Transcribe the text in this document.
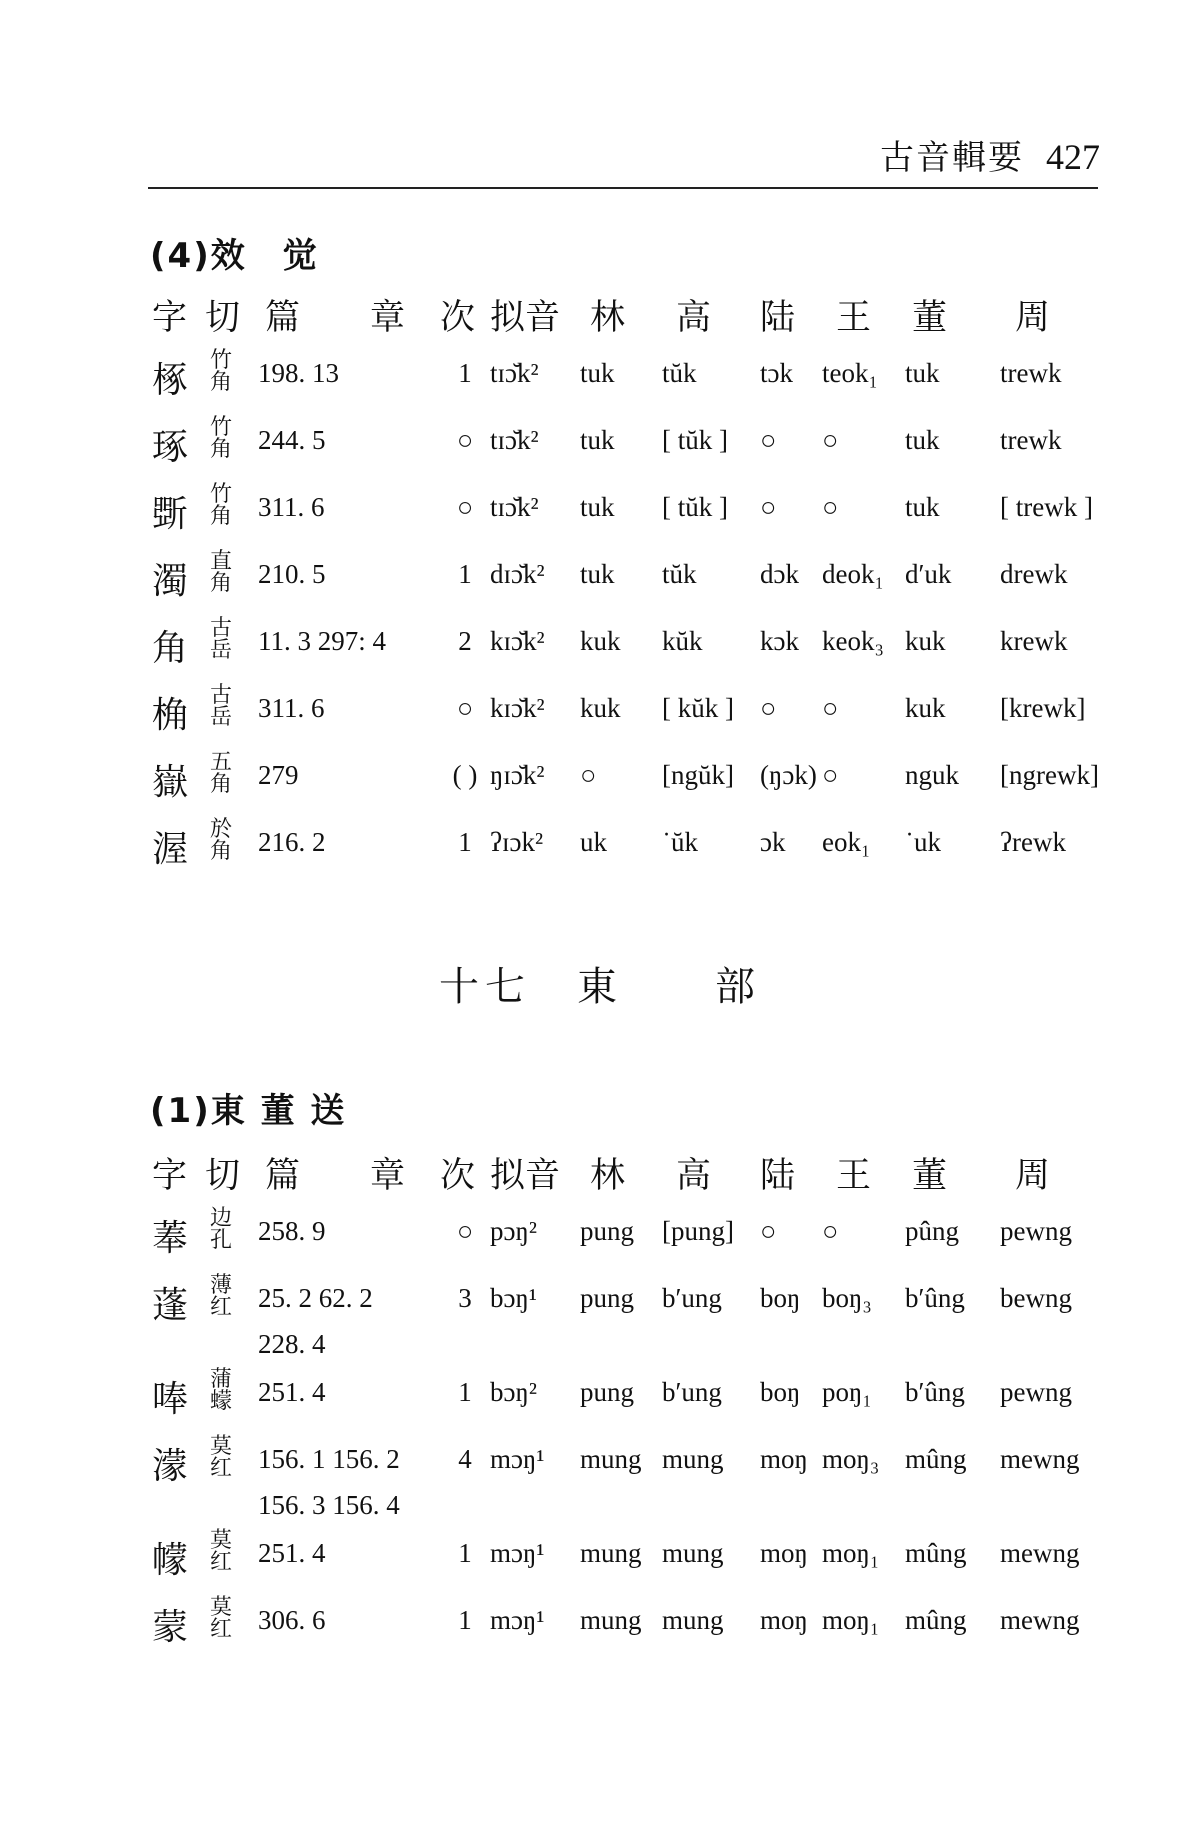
古音輯要 427
(4)效　觉
字 切 篇 章 次 拟音 林 高 陆 王 董 周
椓 竹角 198. 13	1 tɪɔ̆k² tuk tŭk tɔk teok₁ tuk trewk
琢 竹角 244. 5	○ tɪɔ̆k² tuk [ tŭk ] ○ ○ tuk trewk
斲 竹角 311. 6	○ tɪɔ̆k² tuk [ tŭk ] ○ ○ tuk [ trewk ]
濁 直角 210. 5	1 dɪɔ̆k² tuk tŭk dɔk deok₁ d′uk drewk
角 古岳 11. 3 297: 4	2 kɪɔ̆k² kuk kŭk kɔk keok₃ kuk krewk
桷 古岳 311. 6	○ kɪɔ̆k² kuk [ kŭk ] ○ ○ kuk [krewk]
嶽 五角 279	( ) ŋɪɔ̆k² ○ [ngŭk] (ŋɔk) ○ nguk [ngrewk]
渥 於角 216. 2	1 ʔɪɔk² uk ˙ŭk ɔk eok₁ ˙uk ʔrewk
十七　東　　部
(1)東 董 送
字 切 篇 章 次 拟音 林 高 陆 王 董 周
菶 边孔 258. 9	○ pɔŋ² pung [pung] ○ ○ pûng pewng
蓬 薄红 25. 2 62. 2	3 bɔŋ¹ pung b′ung boŋ boŋ₃ b′ûng bewng
228. 4
唪 蒲蠓 251. 4	1 bɔŋ² pung b′ung boŋ poŋ₁ b′ûng pewng
濛 莫红 156. 1 156. 2	4 mɔŋ¹ mung mung moŋ moŋ₃ mûng mewng
156. 3 156. 4
幪 莫红 251. 4	1 mɔŋ¹ mung mung moŋ moŋ₁ mûng mewng
蒙 莫红 306. 6	1 mɔŋ¹ mung mung moŋ moŋ₁ mûng mewng
